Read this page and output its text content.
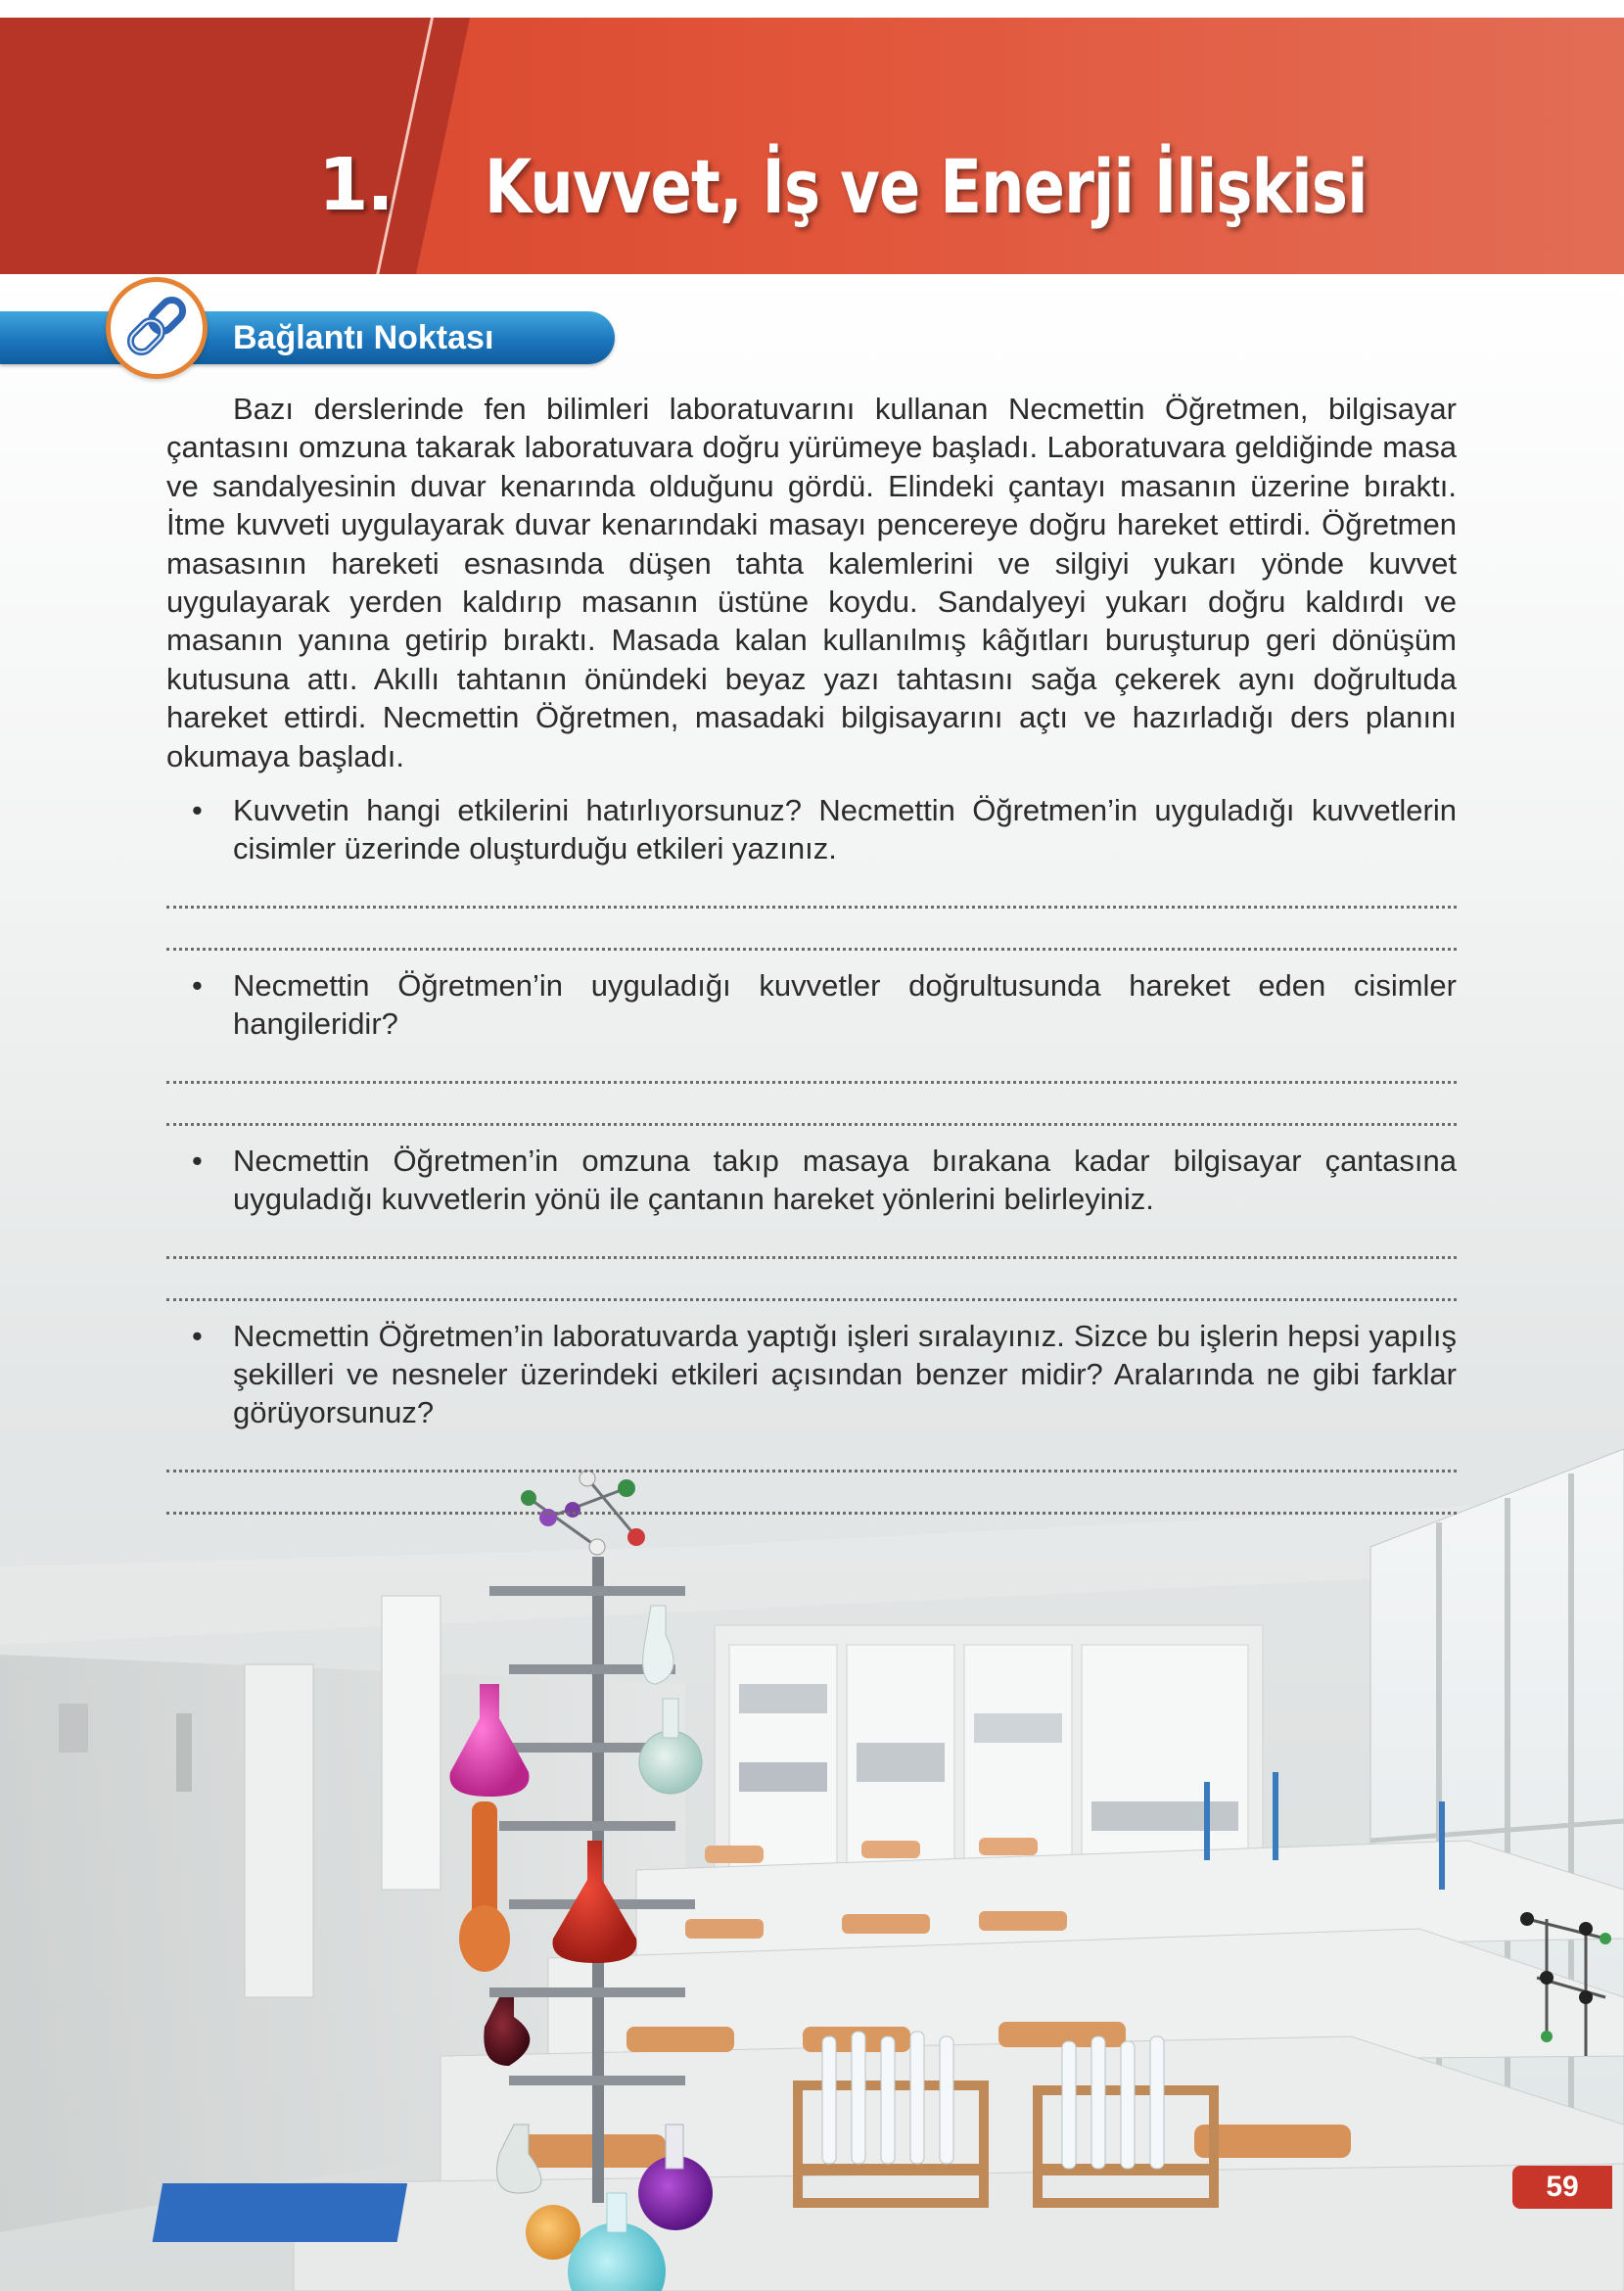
1. Kuvvet, İş ve Enerji İlişkisi
Bağlantı Noktası

Bazı derslerinde fen bilimleri laboratuvarını kullanan Necmettin Öğretmen, bilgisayar çantasını omzuna takarak laboratuvara doğru yürümeye başladı. Laboratuvara geldiğinde masa ve sandalyesinin duvar kenarında olduğunu gördü. Elindeki çantayı masanın üzerine bıraktı. İtme kuvveti uygulayarak duvar kenarındaki masayı pencereye doğru hareket ettirdi. Öğretmen masasının hareketi esnasında düşen tahta kalemlerini ve silgiyi yukarı yönde kuvvet uygulayarak yerden kaldırıp masanın üstüne koydu. Sandalyeyi yukarı doğru kaldırdı ve masanın yanına getirip bıraktı. Masada kalan kullanılmış kâğıtları buruşturup geri dönüşüm kutusuna attı. Akıllı tahtanın önündeki beyaz yazı tahtasını sağa çekerek aynı doğrultuda hareket ettirdi. Necmettin Öğretmen, masadaki bilgisayarını açtı ve hazırladığı ders planını okumaya başladı.

• Kuvvetin hangi etkilerini hatırlıyorsunuz? Necmettin Öğretmen’in uyguladığı kuvvetlerin cisimler üzerinde oluşturduğu etkileri yazınız.

• Necmettin Öğretmen’in uyguladığı kuvvetler doğrultusunda hareket eden cisimler hangileridir?

• Necmettin Öğretmen’in omzuna takıp masaya bırakana kadar bilgisayar çantasına uyguladığı kuvvetlerin yönü ile çantanın hareket yönlerini belirleyiniz.

• Necmettin Öğretmen’in laboratuvarda yaptığı işleri sıralayınız. Sizce bu işlerin hepsi yapılış şekilleri ve nesneler üzerindeki etkileri açısından benzer midir? Aralarında ne gibi farklar görüyorsunuz?

59
